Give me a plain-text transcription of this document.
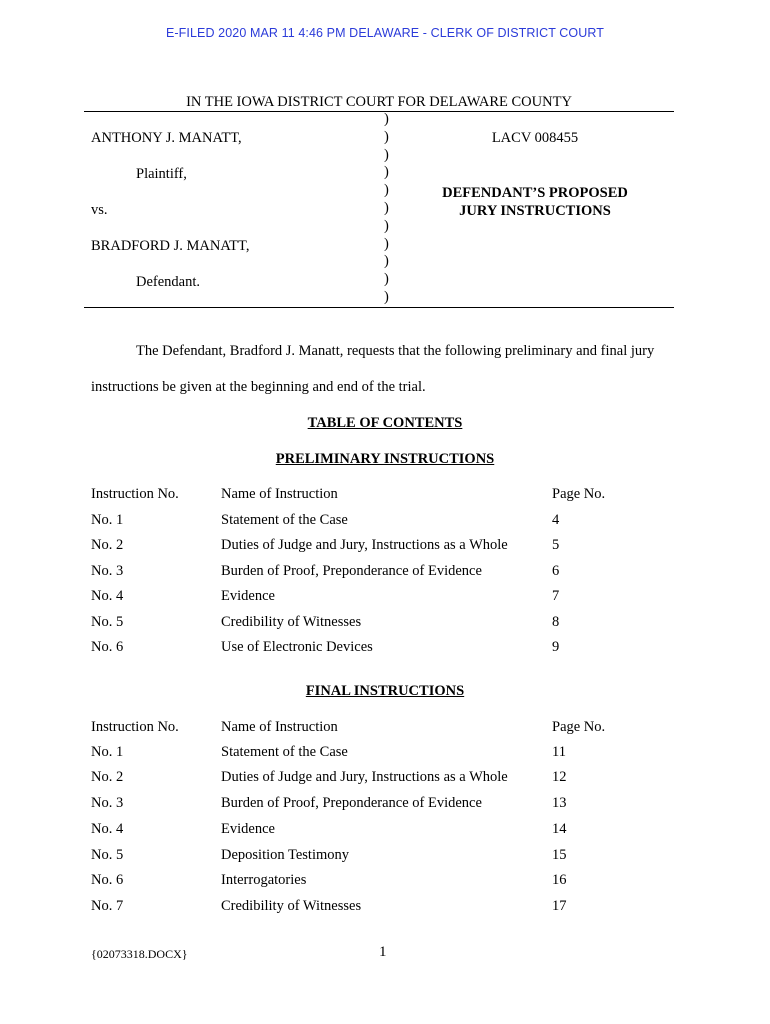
E-FILED 2020 MAR 11 4:46 PM DELAWARE - CLERK OF DISTRICT COURT
IN THE IOWA DISTRICT COURT FOR DELAWARE COUNTY
ANTHONY J. MANATT,
Plaintiff,
vs.
BRADFORD J. MANATT,
Defendant.
)
)
)
)
)
)
)
)
)
)
)
LACV 008455
DEFENDANT’S PROPOSED
JURY INSTRUCTIONS
The Defendant, Bradford J. Manatt, requests that the following preliminary and final jury
instructions be given at the beginning and end of the trial.
TABLE OF CONTENTS
PRELIMINARY INSTRUCTIONS
Instruction No.	Name of Instruction	Page No.
No. 1	Statement of the Case	4
No. 2	Duties of Judge and Jury, Instructions as a Whole	5
No. 3	Burden of Proof, Preponderance of Evidence	6
No. 4	Evidence	7
No. 5	Credibility of Witnesses	8
No. 6	Use of Electronic Devices	9
FINAL INSTRUCTIONS
Instruction No.	Name of Instruction	Page No.
No. 1	Statement of the Case	11
No. 2	Duties of Judge and Jury, Instructions as a Whole	12
No. 3	Burden of Proof, Preponderance of Evidence	13
No. 4	Evidence	14
No. 5	Deposition Testimony	15
No. 6	Interrogatories	16
No. 7	Credibility of Witnesses	17
{02073318.DOCX}	1
